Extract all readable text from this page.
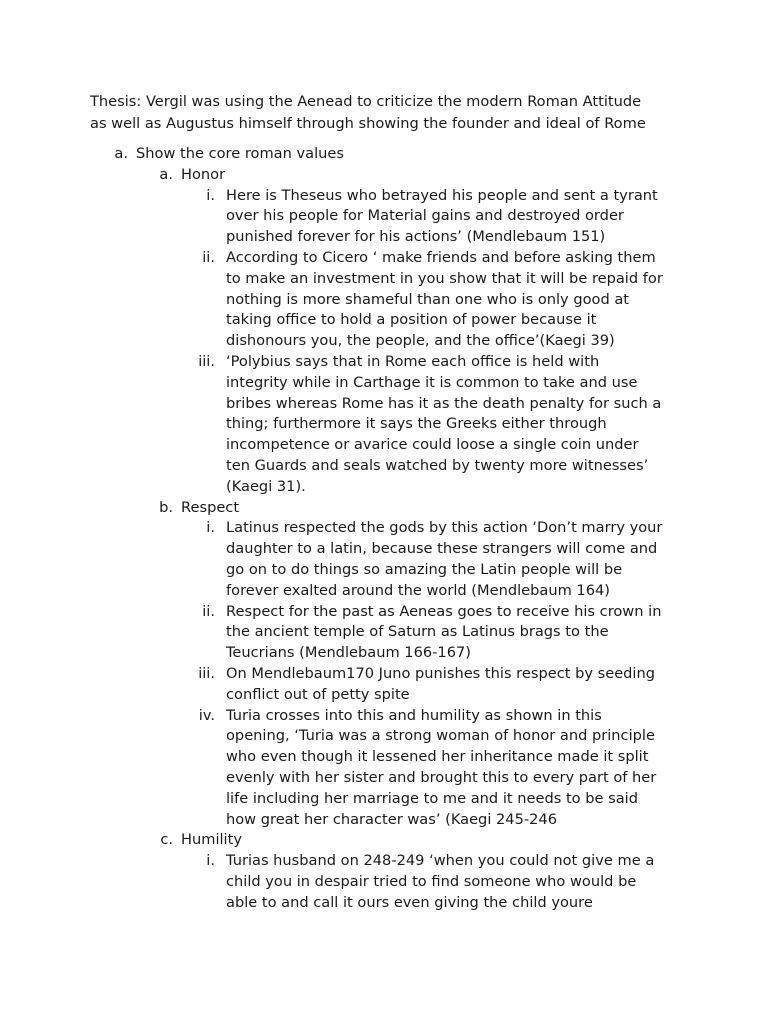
Thesis: Vergil was using the Aenead to criticize the modern Roman Attitude
as well as Augustus himself through showing the founder and ideal of Rome
a. Show the core roman values
a. Honor
i. Here is Theseus who betrayed his people and sent a tyrant
over his people for Material gains and destroyed order
punished forever for his actions’ (Mendlebaum 151)
ii. According to Cicero ‘ make friends and before asking them
to make an investment in you show that it will be repaid for
nothing is more shameful than one who is only good at
taking office to hold a position of power because it
dishonours you, the people, and the office’(Kaegi 39)
iii. ‘Polybius says that in Rome each office is held with
integrity while in Carthage it is common to take and use
bribes whereas Rome has it as the death penalty for such a
thing; furthermore it says the Greeks either through
incompetence or avarice could loose a single coin under
ten Guards and seals watched by twenty more witnesses’
(Kaegi 31).
b. Respect
i. Latinus respected the gods by this action ‘Don’t marry your
daughter to a latin, because these strangers will come and
go on to do things so amazing the Latin people will be
forever exalted around the world (Mendlebaum 164)
ii. Respect for the past as Aeneas goes to receive his crown in
the ancient temple of Saturn as Latinus brags to the
Teucrians (Mendlebaum 166-167)
iii. On Mendlebaum170 Juno punishes this respect by seeding
conflict out of petty spite
iv. Turia crosses into this and humility as shown in this
opening, ‘Turia was a strong woman of honor and principle
who even though it lessened her inheritance made it split
evenly with her sister and brought this to every part of her
life including her marriage to me and it needs to be said
how great her character was’ (Kaegi 245-246
c. Humility
i. Turias husband on 248-249 ‘when you could not give me a
child you in despair tried to find someone who would be
able to and call it ours even giving the child youre
